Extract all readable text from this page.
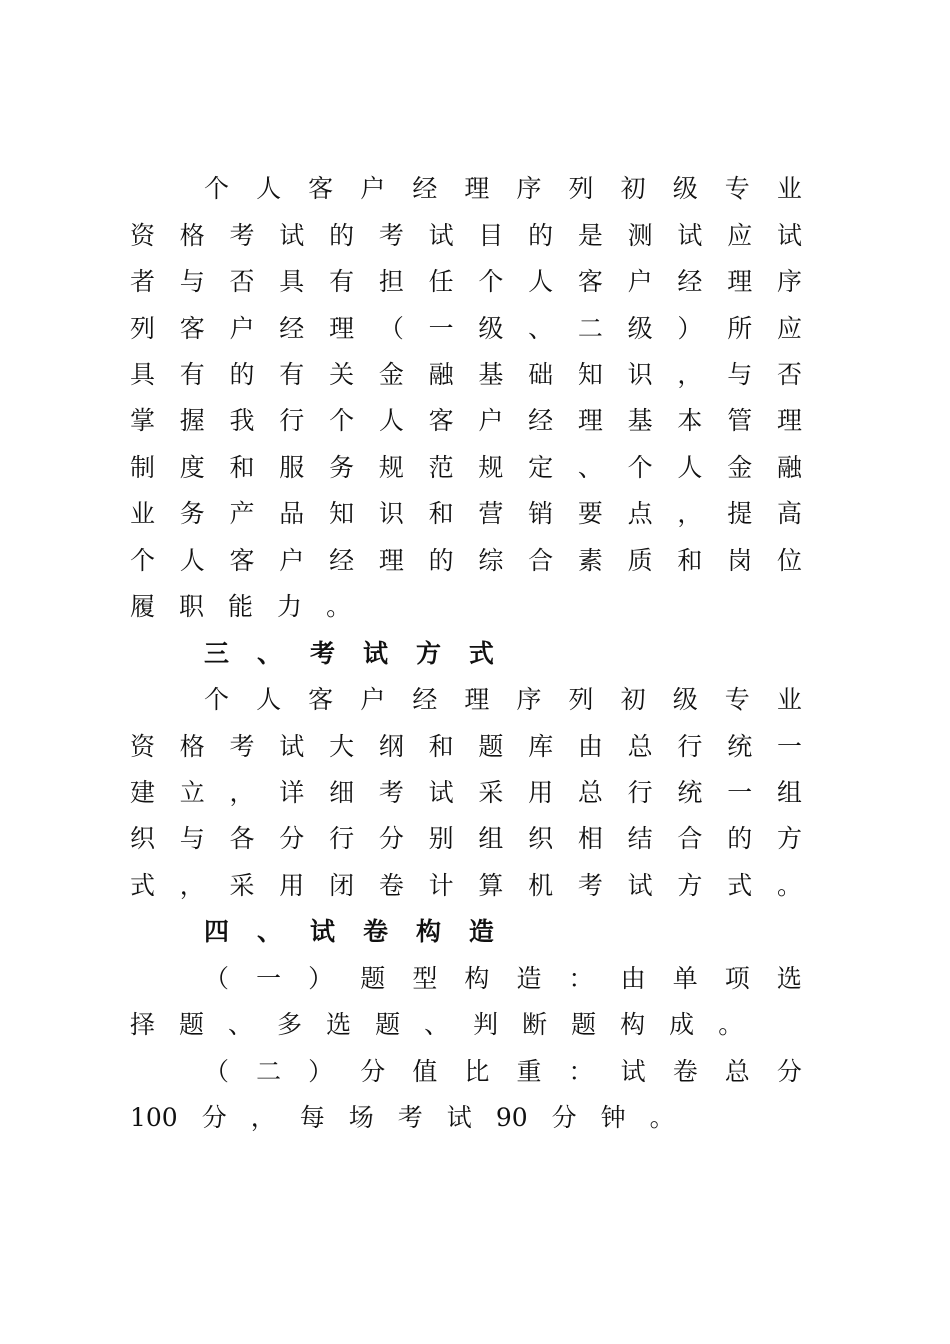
个 人 客 户 经 理 序 列 初 级 专 业
资 格 考 试 的 考 试 目 的 是 测 试 应 试
者 与 否 具 有 担 任 个 人 客 户 经 理 序
列 客 户 经 理 （ 一 级 、 二 级 ） 所 应
具 有 的 有 关 金 融 基 础 知 识 ， 与 否
掌 握 我 行 个 人 客 户 经 理 基 本 管 理
制 度 和 服 务 规 范 规 定 、 个 人 金 融
业 务 产 品 知 识 和 营 销 要 点 ， 提 高
个 人 客 户 经 理 的 综 合 素 质 和 岗 位
履 职 能 力 。
三 、 考 试 方 式
个 人 客 户 经 理 序 列 初 级 专 业
资 格 考 试 大 纲 和 题 库 由 总 行 统 一
建 立 ， 详 细 考 试 采 用 总 行 统 一 组
织 与 各 分 行 分 别 组 织 相 结 合 的 方
式 ， 采 用 闭 卷 计 算 机 考 试 方 式 。
四 、 试 卷 构 造
（ 一 ） 题 型 构 造 ： 由 单 项 选
择 题 、 多 选 题 、 判 断 题 构 成 。
（ 二 ） 分 值 比 重 ： 试 卷 总 分
100 分 ， 每 场 考 试 90 分 钟 。
